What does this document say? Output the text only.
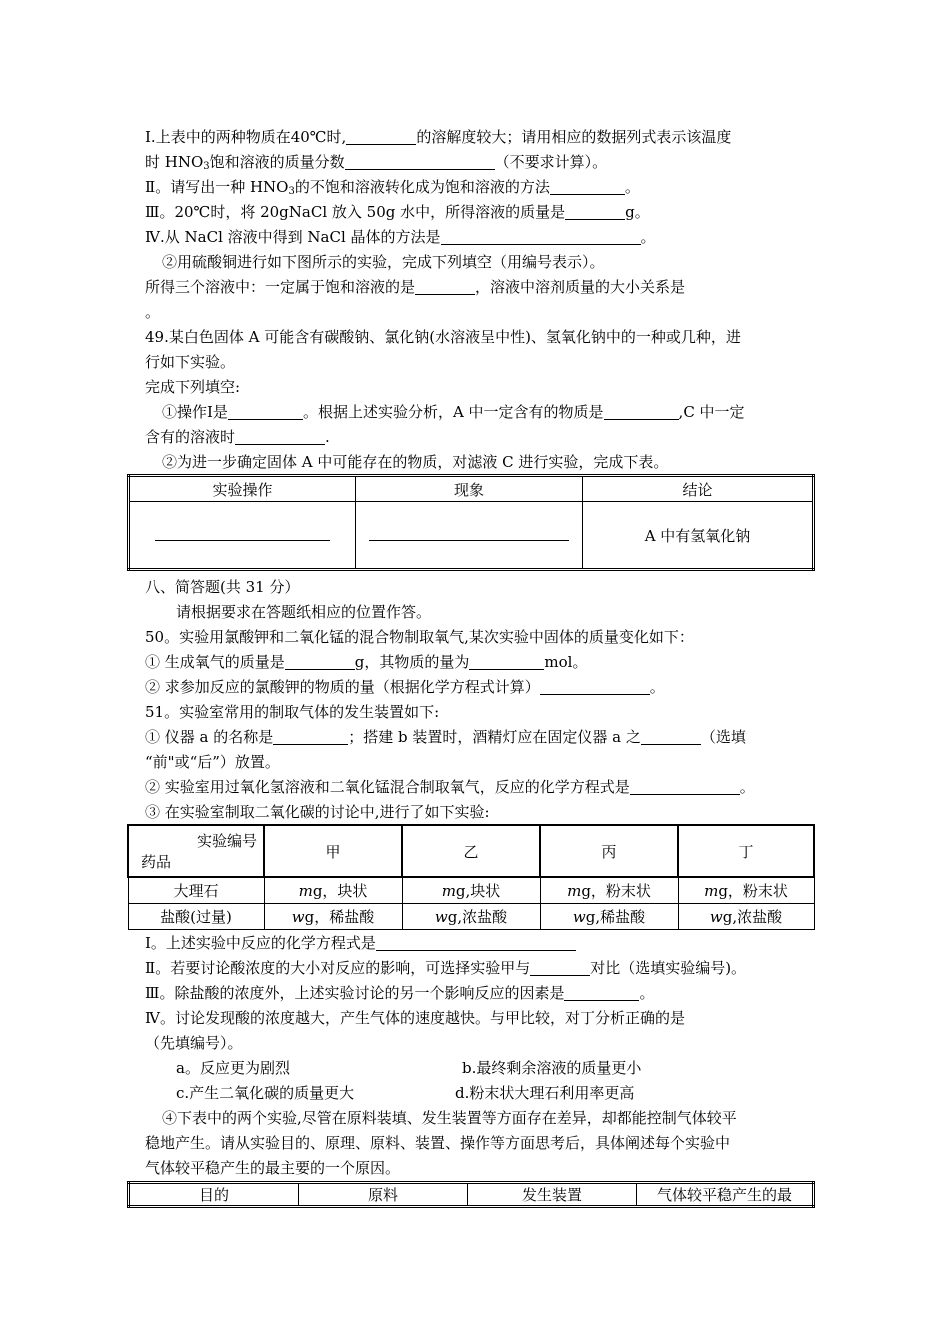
Ⅰ.上表中的两种物质在40℃时,	的溶解度较大；请用相应的数据列式表示该温度
时 $HNO_3$饱和溶液的质量分数	（不要求计算）。
Ⅱ。请写出一种 $HNO_3$的不饱和溶液转化成为饱和溶液的方法	。
Ⅲ。20℃时，将 20gNaCl 放入 50g 水中，所得溶液的质量是	g。
Ⅳ.从 NaCl 溶液中得到 NaCl 晶体的方法是	。
②用硫酸铜进行如下图所示的实验，完成下列填空（用编号表示）。
所得三个溶液中：一定属于饱和溶液的是	，溶液中溶剂质量的大小关系是
。
49.某白色固体 A 可能含有碳酸钠、氯化钠(水溶液呈中性)、氢氧化钠中的一种或几种，进
行如下实验。
完成下列填空:
①操作Ⅰ是	。根据上述实验分析，A 中一定含有的物质是	,C 中一定
含有的溶液时	.
②为进一步确定固体 A 中可能存在的物质，对滤液 C 进行实验，完成下表。
实验操作	现象	结论
		A 中有氢氧化钠
八、简答题(共 31 分）
请根据要求在答题纸相应的位置作答。
50。实验用氯酸钾和二氧化锰的混合物制取氧气,某次实验中固体的质量变化如下：
① 生成氧气的质量是	g，其物质的量为	mol。
② 求参加反应的氯酸钾的物质的量（根据化学方程式计算）	。
51。实验室常用的制取气体的发生装置如下:
① 仪器 a 的名称是	；搭建 b 装置时，酒精灯应在固定仪器 a 之	（选填
“前"或“后”）放置。
② 实验室用过氧化氢溶液和二氧化锰混合制取氧气，反应的化学方程式是	。
③ 在实验室制取二氧化碳的讨论中,进行了如下实验:
实验编号
药品	甲	乙	丙	丁
大理石	mg，块状	mg,块状	mg，粉末状	mg，粉末状
盐酸(过量)	wg，稀盐酸	wg,浓盐酸	wg,稀盐酸	wg,浓盐酸
Ⅰ。上述实验中反应的化学方程式是
Ⅱ。若要讨论酸浓度的大小对反应的影响，可选择实验甲与	对比（选填实验编号)。
Ⅲ。除盐酸的浓度外，上述实验讨论的另一个影响反应的因素是	。
Ⅳ。讨论发现酸的浓度越大，产生气体的速度越快。与甲比较，对丁分析正确的是
（先填编号）。
a。反应更为剧烈	b.最终剩余溶液的质量更小
c.产生二氧化碳的质量更大	d.粉末状大理石利用率更高
④下表中的两个实验,尽管在原料装填、发生装置等方面存在差异，却都能控制气体较平
稳地产生。请从实验目的、原理、原料、装置、操作等方面思考后，具体阐述每个实验中
气体较平稳产生的最主要的一个原因。
目的	原料	发生装置	气体较平稳产生的最
